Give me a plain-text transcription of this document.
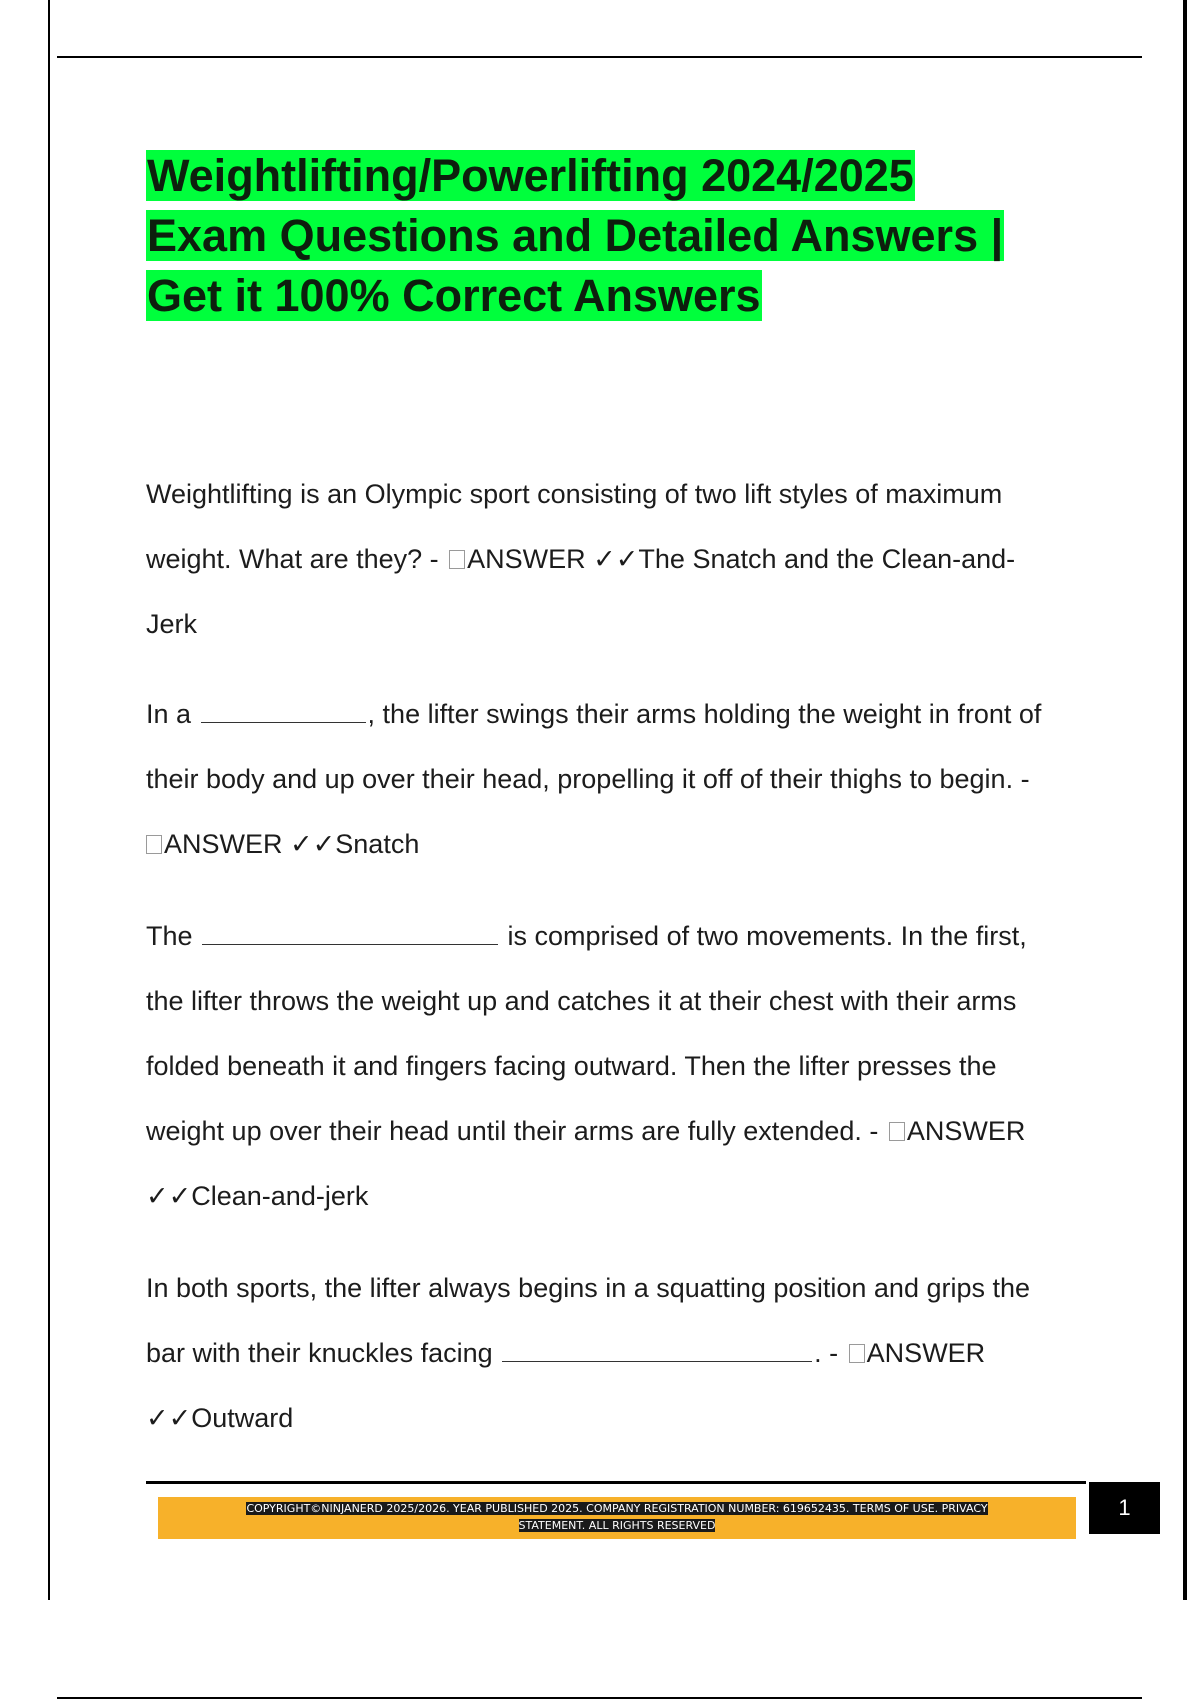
Weightlifting/Powerlifting 2024/2025
Exam Questions and Detailed Answers |
Get it 100% Correct Answers
Weightlifting is an Olympic sport consisting of two lift styles of maximum
weight. What are they? - ANSWER ✓✓The Snatch and the Clean-and-
Jerk
In a	, the lifter swings their arms holding the weight in front of
their body and up over their head, propelling it off of their thighs to begin. -
ANSWER ✓✓Snatch
The	is comprised of two movements. In the first,
the lifter throws the weight up and catches it at their chest with their arms
folded beneath it and fingers facing outward. Then the lifter presses the
weight up over their head until their arms are fully extended. - ANSWER
✓✓Clean-and-jerk
In both sports, the lifter always begins in a squatting position and grips the
bar with their knuckles facing	. - ANSWER
✓✓Outward
COPYRIGHT©NINJANERD 2025/2026. YEAR PUBLISHED 2025. COMPANY REGISTRATION NUMBER: 619652435. TERMS OF USE. PRIVACY
STATEMENT. ALL RIGHTS RESERVED
1
